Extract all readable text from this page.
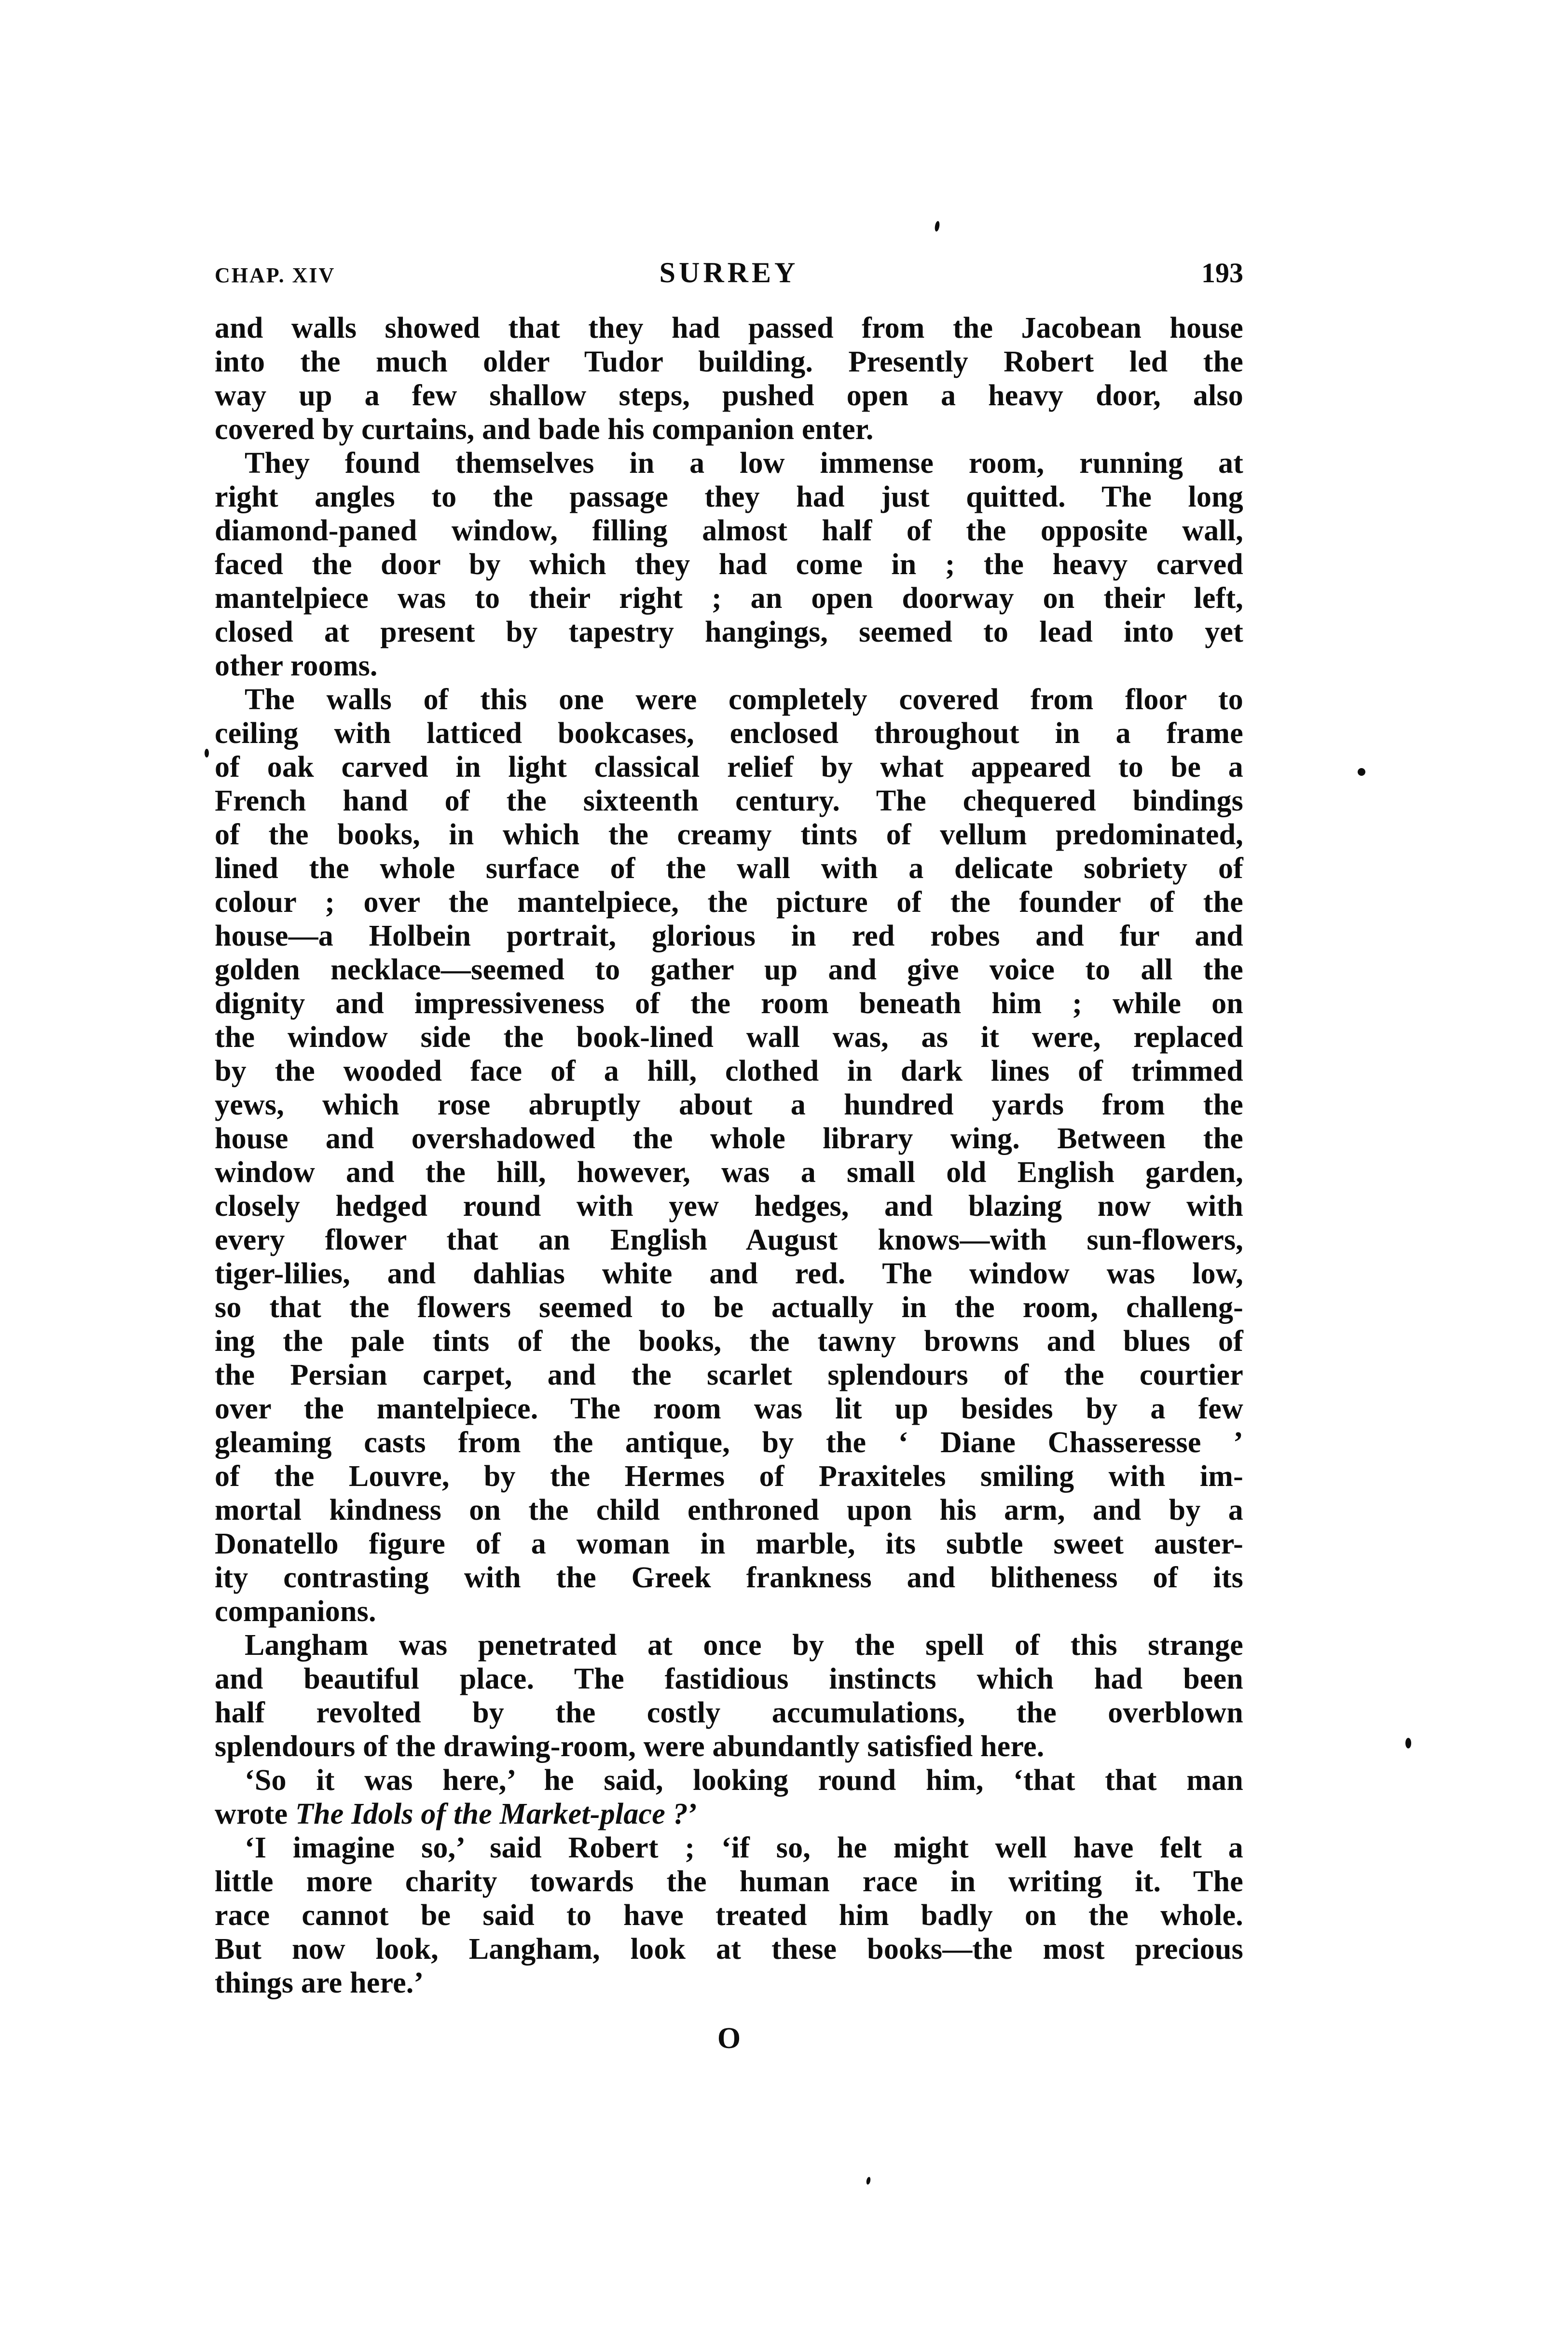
CHAP. XIV	SURREY	193
and walls showed that they had passed from the Jacobean house
into the much older Tudor building. Presently Robert led the
way up a few shallow steps, pushed open a heavy door, also
covered by curtains, and bade his companion enter.
They found themselves in a low immense room, running at
right angles to the passage they had just quitted. The long
diamond-paned window, filling almost half of the opposite wall,
faced the door by which they had come in ; the heavy carved
mantelpiece was to their right ; an open doorway on their left,
closed at present by tapestry hangings, seemed to lead into yet
other rooms.
The walls of this one were completely covered from floor to
ceiling with latticed bookcases, enclosed throughout in a frame
of oak carved in light classical relief by what appeared to be a
French hand of the sixteenth century. The chequered bindings
of the books, in which the creamy tints of vellum predominated,
lined the whole surface of the wall with a delicate sobriety of
colour ; over the mantelpiece, the picture of the founder of the
house—a Holbein portrait, glorious in red robes and fur and
golden necklace—seemed to gather up and give voice to all the
dignity and impressiveness of the room beneath him ; while on
the window side the book-lined wall was, as it were, replaced
by the wooded face of a hill, clothed in dark lines of trimmed
yews, which rose abruptly about a hundred yards from the
house and overshadowed the whole library wing. Between the
window and the hill, however, was a small old English garden,
closely hedged round with yew hedges, and blazing now with
every flower that an English August knows—with sun-flowers,
tiger-lilies, and dahlias white and red. The window was low,
so that the flowers seemed to be actually in the room, challeng-
ing the pale tints of the books, the tawny browns and blues of
the Persian carpet, and the scarlet splendours of the courtier
over the mantelpiece. The room was lit up besides by a few
gleaming casts from the antique, by the ‘ Diane Chasseresse ’
of the Louvre, by the Hermes of Praxiteles smiling with im-
mortal kindness on the child enthroned upon his arm, and by a
Donatello figure of a woman in marble, its subtle sweet auster-
ity contrasting with the Greek frankness and blitheness of its
companions.
Langham was penetrated at once by the spell of this strange
and beautiful place. The fastidious instincts which had been
half revolted by the costly accumulations, the overblown
splendours of the drawing-room, were abundantly satisfied here.
‘So it was here,’ he said, looking round him, ‘that that man
wrote The Idols of the Market-place ?’
‘I imagine so,’ said Robert ; ‘if so, he might well have felt a
little more charity towards the human race in writing it. The
race cannot be said to have treated him badly on the whole.
But now look, Langham, look at these books—the most precious
things are here.’
O
